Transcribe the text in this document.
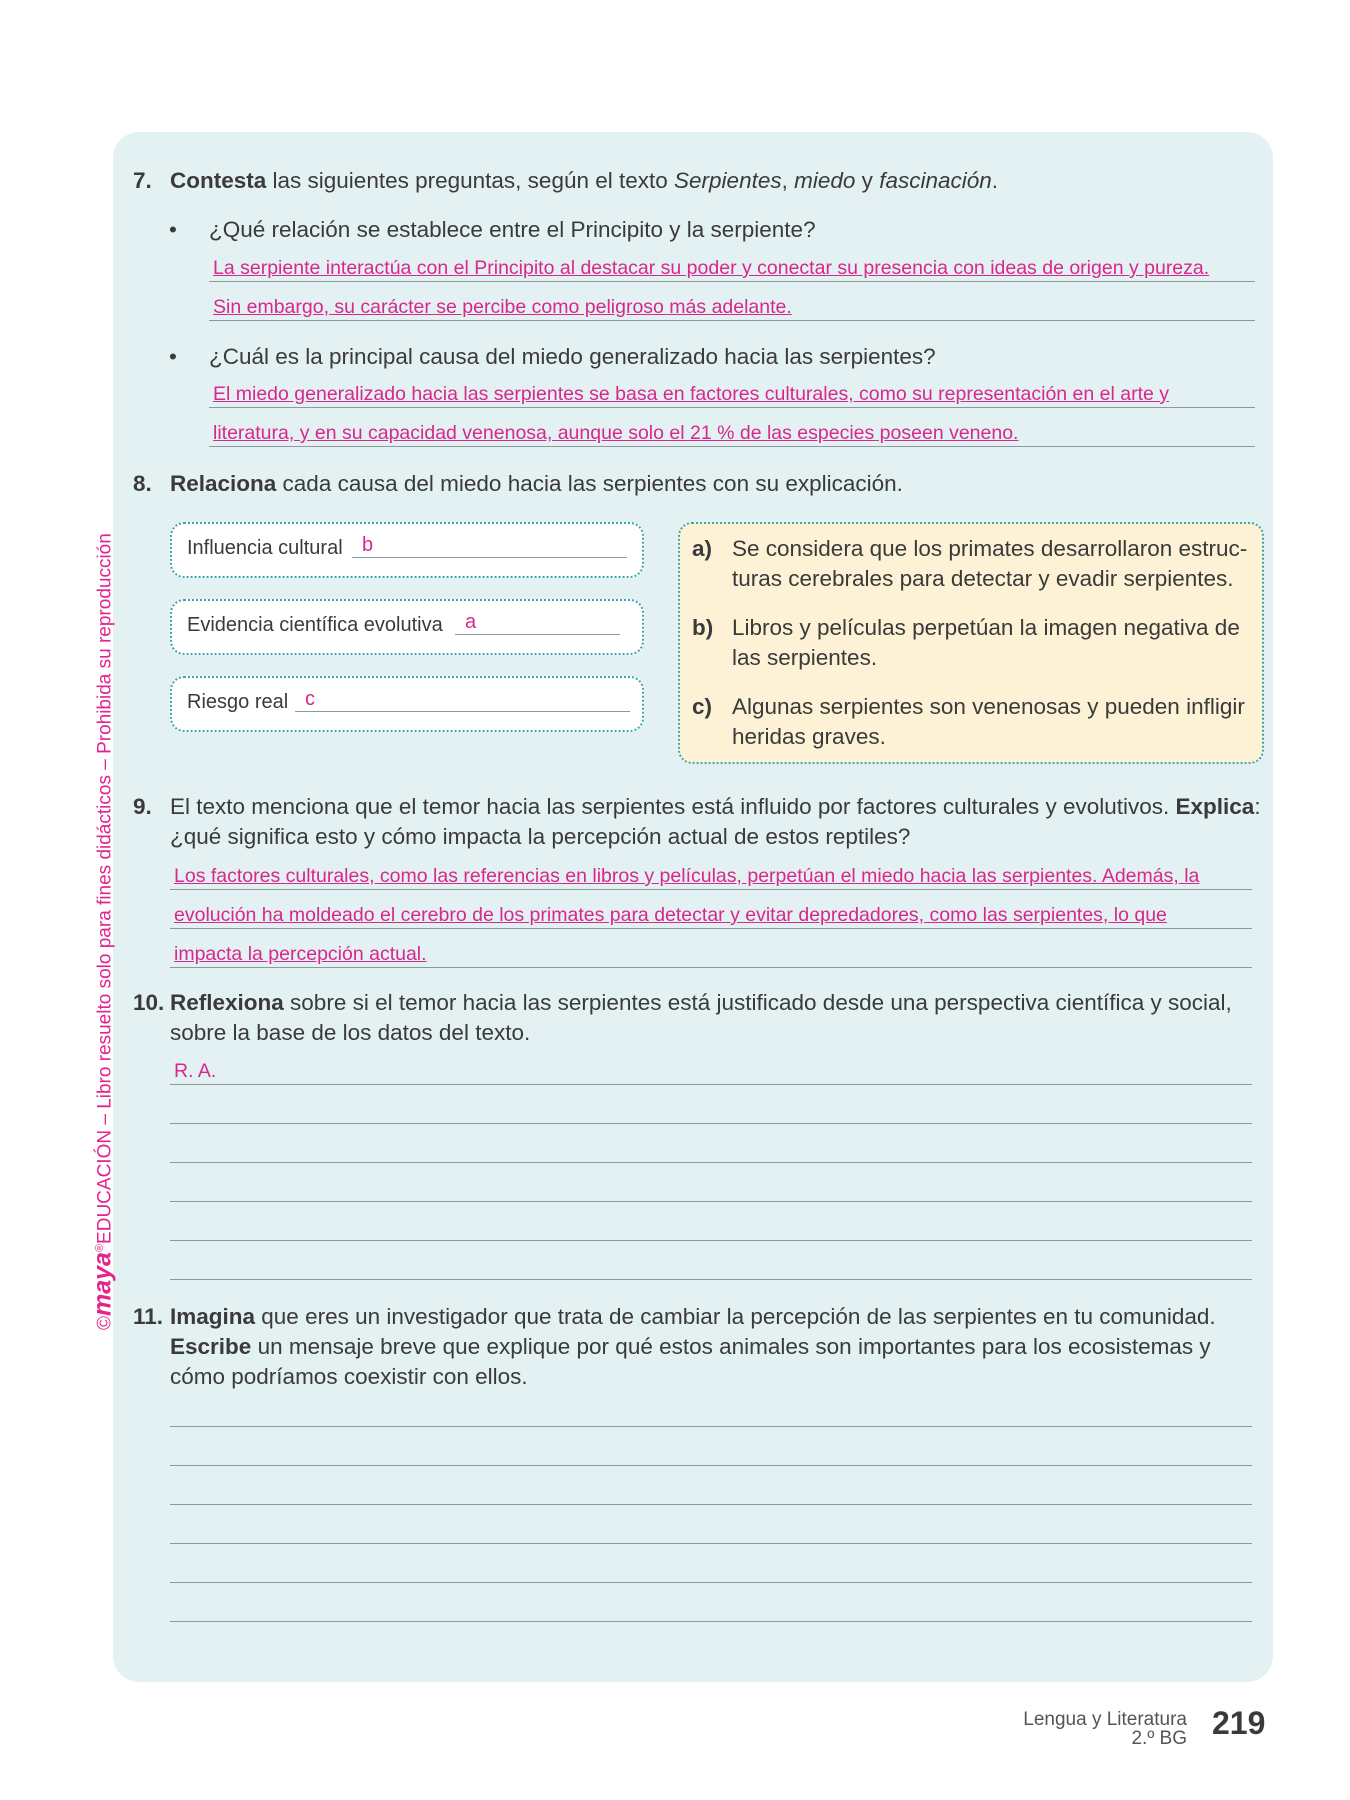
©maya®EDUCACIÓN – Libro resuelto solo para fines didácticos – Prohibida su reproducción
7. Contesta las siguientes preguntas, según el texto Serpientes, miedo y fascinación.
• ¿Qué relación se establece entre el Principito y la serpiente?
La serpiente interactúa con el Principito al destacar su poder y conectar su presencia con ideas de origen y pureza.
Sin embargo, su carácter se percibe como peligroso más adelante.
• ¿Cuál es la principal causa del miedo generalizado hacia las serpientes?
El miedo generalizado hacia las serpientes se basa en factores culturales, como su representación en el arte y
literatura, y en su capacidad venenosa, aunque solo el 21 % de las especies poseen veneno.
8. Relaciona cada causa del miedo hacia las serpientes con su explicación.
Influencia cultural b
Evidencia científica evolutiva	a
Riesgo real c
a) Se considera que los primates desarrollaron estruc-turas cerebrales para detectar y evadir serpientes.
b) Libros y películas perpetúan la imagen negativa de las serpientes.
c) Algunas serpientes son venenosas y pueden infligir heridas graves.
9. El texto menciona que el temor hacia las serpientes está influido por factores culturales y evolutivos. Explica: ¿qué significa esto y cómo impacta la percepción actual de estos reptiles?
Los factores culturales, como las referencias en libros y películas, perpetúan el miedo hacia las serpientes. Además, la
evolución ha moldeado el cerebro de los primates para detectar y evitar depredadores, como las serpientes, lo que
impacta la percepción actual.
10. Reflexiona sobre si el temor hacia las serpientes está justificado desde una perspectiva científica y social, sobre la base de los datos del texto.
R. A.
11. Imagina que eres un investigador que trata de cambiar la percepción de las serpientes en tu comunidad. Escribe un mensaje breve que explique por qué estos animales son importantes para los ecosistemas y cómo podríamos coexistir con ellos.
Lengua y Literatura
2.º BG 219
